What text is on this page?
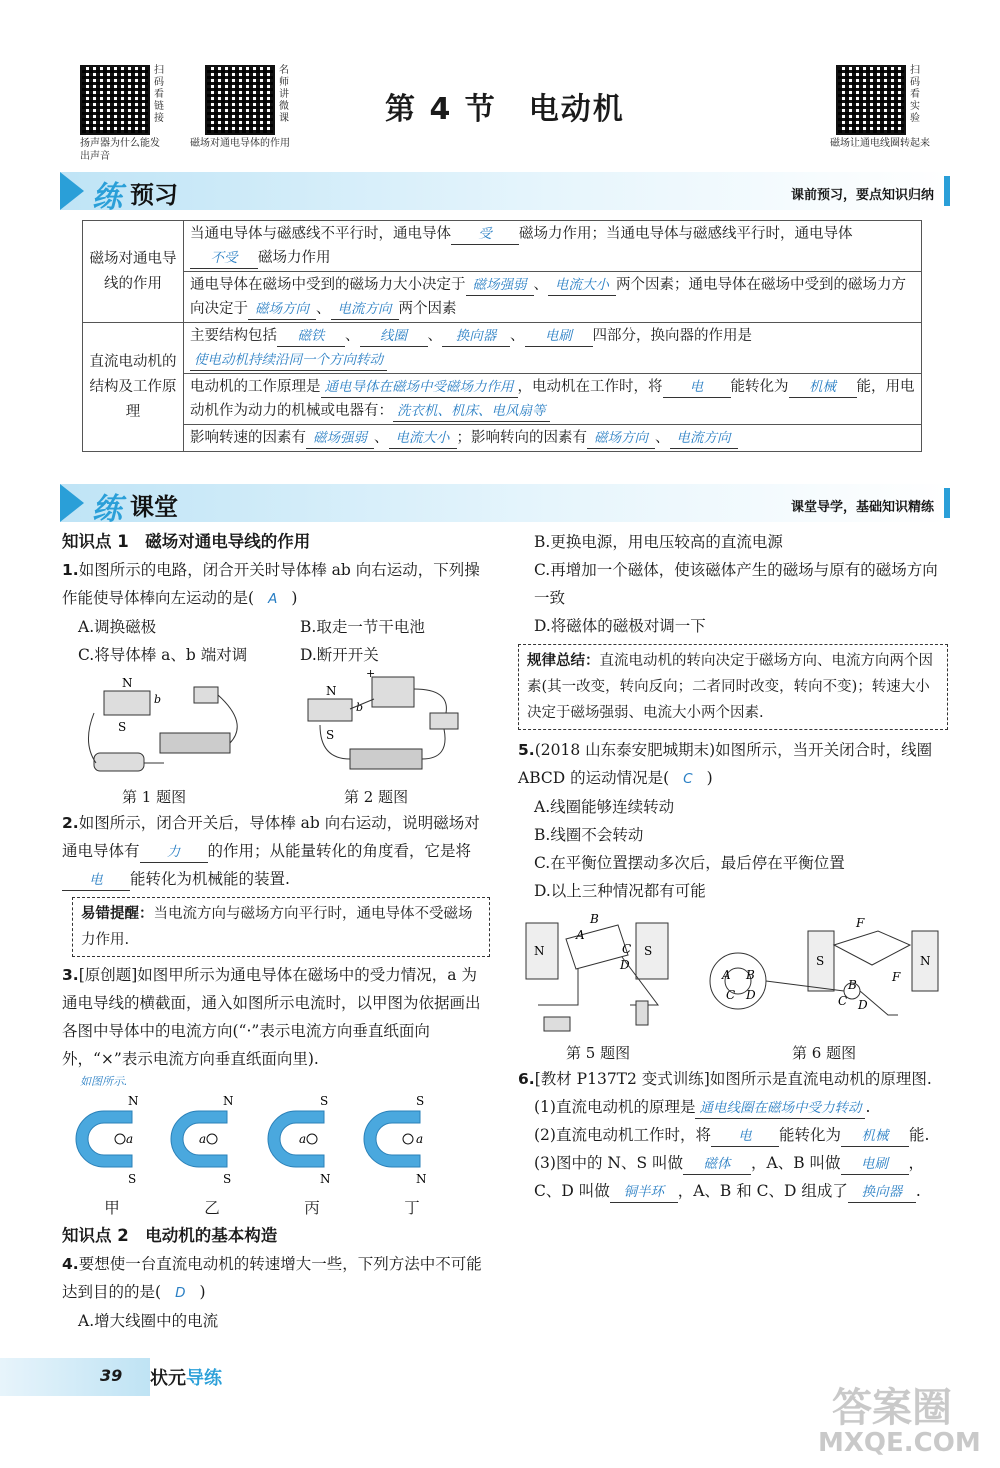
扫码看链接
扬声器为什么能发出声音
名师讲微课
磁场对通电导体的作用
第 4 节　电动机
扫码看实验
磁场让通电线圈转起来
练 预习	课前预习，要点知识归纳
磁场对通电导线的作用	当通电导体与磁感线不平行时，通电导体 受 磁场力作用；当通电导体与磁感线平行时，通电导体不受 磁场力作用
	通电导体在磁场中受到的磁场力大小决定于 磁场强弱 、 电流大小 两个因素；通电导体在磁场中受到的磁场力方向决定于 磁场方向 、 电流方向 两个因素
直流电动机的结构及工作原理	主要结构包括 磁铁 、 线圈 、 换向器 、 电刷 四部分，换向器的作用是使电动机持续沿同一个方向转动
	电动机的工作原理是 通电导体在磁场中受磁场力作用 ，电动机在工作时，将 电 能转化为 机械 能，用电动机作为动力的机械或电器有： 洗衣机、机床、电风扇等
	影响转速的因素有 磁场强弱 、 电流大小 ；影响转向的因素有 磁场方向 、 电流方向
练 课堂	课堂导学，基础知识精练
知识点 1　磁场对通电导线的作用
1.如图所示的电路，闭合开关时导体棒 ab 向右运动，下列操作能使导体棒向左运动的是( A )
A.调换磁极	B.取走一节干电池
C.将导体棒 a、b 端对调	D.断开开关
N
S
b
+
N
S
b
第 1 题图	第 2 题图
2.如图所示，闭合开关后，导体棒 ab 向右运动，说明磁场对通电导体有 力 的作用；从能量转化的角度看，它是将电 能转化为机械能的装置.
易错提醒：当电流方向与磁场方向平行时，通电导体不受磁场力作用.
3.[原创题]如图甲所示为通电导体在磁场中的受力情况，a 为通电导线的横截面，通入如图所示电流时，以甲图为依据画出各图中导体中的电流方向(“·”表示电流方向垂直纸面向外，“×”表示电流方向垂直纸面向里).
如图所示.
N
S
a
N
S
a
S
N
a
S
N
a
甲	乙	丙	丁
知识点 2　电动机的基本构造
4.要想使一台直流电动机的转速增大一些，下列方法中不可能达到目的的是( D )
A.增大线圈中的电流
B.更换电源，用电压较高的直流电源
C.再增加一个磁体，使该磁体产生的磁场与原有的磁场方向一致
D.将磁体的磁极对调一下
规律总结：直流电动机的转向决定于磁场方向、电流方向两个因素(其一改变，转向反向；二者同时改变，转向不变)；转速大小决定于磁场强弱、电流大小两个因素.
5.(2018 山东泰安肥城期末)如图所示，当开关闭合时，线圈 ABCD 的运动情况是( C )
A.线圈能够连续转动
B.线圈不会转动
C.在平衡位置摆动多次后，最后停在平衡位置
D.以上三种情况都有可能
N	S
B
A
D
C
A B
C D
S	N
F
F
B
C D
第 5 题图	第 6 题图
6.[教材 P137T2 变式训练]如图所示是直流电动机的原理图.
(1)直流电动机的原理是 通电线圈在磁场中受力转动 .
(2)直流电动机工作时，将 电 能转化为 机械 能.
(3)图中的 N、S 叫做 磁体 ，A、B 叫做 电刷 ，C、D 叫做 铜半环 ，A、B 和 C、D 组成了 换向器 .
39 状元导练
答案圈
MXQE.COM
